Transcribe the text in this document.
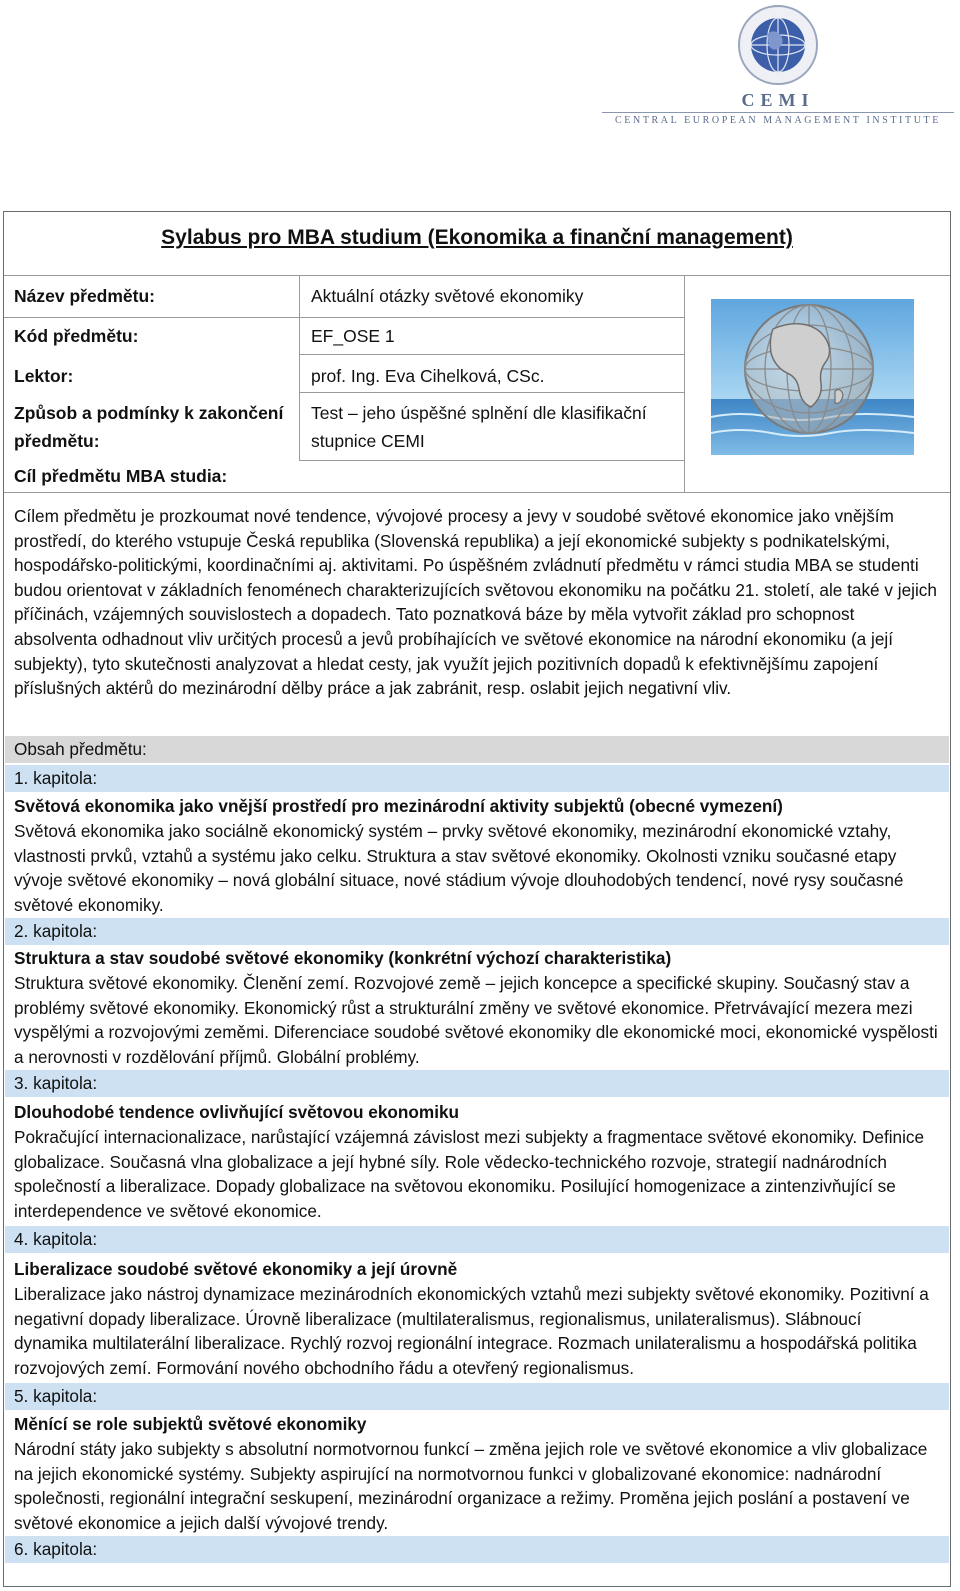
CEMI
CENTRAL EUROPEAN MANAGEMENT INSTITUTE
Sylabus pro MBA studium (Ekonomika a finanční management)
Název předmětu:	Aktuální otázky světové ekonomiky
Kód předmětu:	EF_OSE 1
Lektor:	prof. Ing. Eva Cihelková, CSc.
Způsob a podmínky k zakončení
předmětu:
Test – jeho úspěšné splnění dle klasifikační
stupnice CEMI
Cíl předmětu MBA studia:
Cílem předmětu je prozkoumat nové tendence, vývojové procesy a jevy v soudobé světové ekonomice jako vnějším prostředí, do kterého vstupuje Česká republika (Slovenská republika) a její ekonomické subjekty s podnikatelskými, hospodářsko-politickými, koordinačními aj. aktivitami. Po úspěšném zvládnutí předmětu v rámci studia MBA se studenti budou orientovat v základních fenoménech charakterizujících světovou ekonomiku na počátku 21. století, ale také v jejich příčinách, vzájemných souvislostech a dopadech. Tato poznatková báze by měla vytvořit základ pro schopnost absolventa odhadnout vliv určitých procesů a jevů probíhajících ve světové ekonomice na národní ekonomiku (a její subjekty), tyto skutečnosti analyzovat a hledat cesty, jak využít jejich pozitivních dopadů k efektivnějšímu zapojení příslušných aktérů do mezinárodní dělby práce a jak zabránit, resp. oslabit jejich negativní vliv.
Obsah předmětu:
1. kapitola:
Světová ekonomika jako vnější prostředí pro mezinárodní aktivity subjektů (obecné vymezení)
Světová ekonomika jako sociálně ekonomický systém – prvky světové ekonomiky, mezinárodní ekonomické vztahy, vlastnosti prvků, vztahů a systému jako celku. Struktura a stav světové ekonomiky. Okolnosti vzniku současné etapy vývoje světové ekonomiky – nová globální situace, nové stádium vývoje dlouhodobých tendencí, nové rysy současné světové ekonomiky.
2. kapitola:
Struktura a stav soudobé světové ekonomiky (konkrétní výchozí charakteristika)
Struktura světové ekonomiky. Členění zemí. Rozvojové země – jejich koncepce a specifické skupiny. Současný stav a problémy světové ekonomiky. Ekonomický růst a strukturální změny ve světové ekonomice. Přetrvávající mezera mezi vyspělými a rozvojovými zeměmi. Diferenciace soudobé světové ekonomiky dle ekonomické moci, ekonomické vyspělosti a nerovnosti v rozdělování příjmů. Globální problémy.
3. kapitola:
Dlouhodobé tendence ovlivňující světovou ekonomiku
Pokračující internacionalizace, narůstající vzájemná závislost mezi subjekty a fragmentace světové ekonomiky. Definice globalizace. Současná vlna globalizace a její hybné síly. Role vědecko-technického rozvoje, strategií nadnárodních společností a liberalizace. Dopady globalizace na světovou ekonomiku. Posilující homogenizace a zintenzivňující se interdependence ve světové ekonomice.
4. kapitola:
Liberalizace soudobé světové ekonomiky a její úrovně
Liberalizace jako nástroj dynamizace mezinárodních ekonomických vztahů mezi subjekty světové ekonomiky. Pozitivní a negativní dopady liberalizace. Úrovně liberalizace (multilateralismus, regionalismus, unilateralismus). Slábnoucí dynamika multilaterální liberalizace. Rychlý rozvoj regionální integrace. Rozmach unilateralismu a hospodářská politika rozvojových zemí. Formování nového obchodního řádu a otevřený regionalismus.
5. kapitola:
Měnící se role subjektů světové ekonomiky
Národní státy jako subjekty s absolutní normotvornou funkcí – změna jejich role ve světové ekonomice a vliv globalizace na jejich ekonomické systémy. Subjekty aspirující na normotvornou funkci v globalizované ekonomice: nadnárodní společnosti, regionální integrační seskupení, mezinárodní organizace a režimy. Proměna jejich poslání a postavení ve světové ekonomice a jejich další vývojové trendy.
6. kapitola:
